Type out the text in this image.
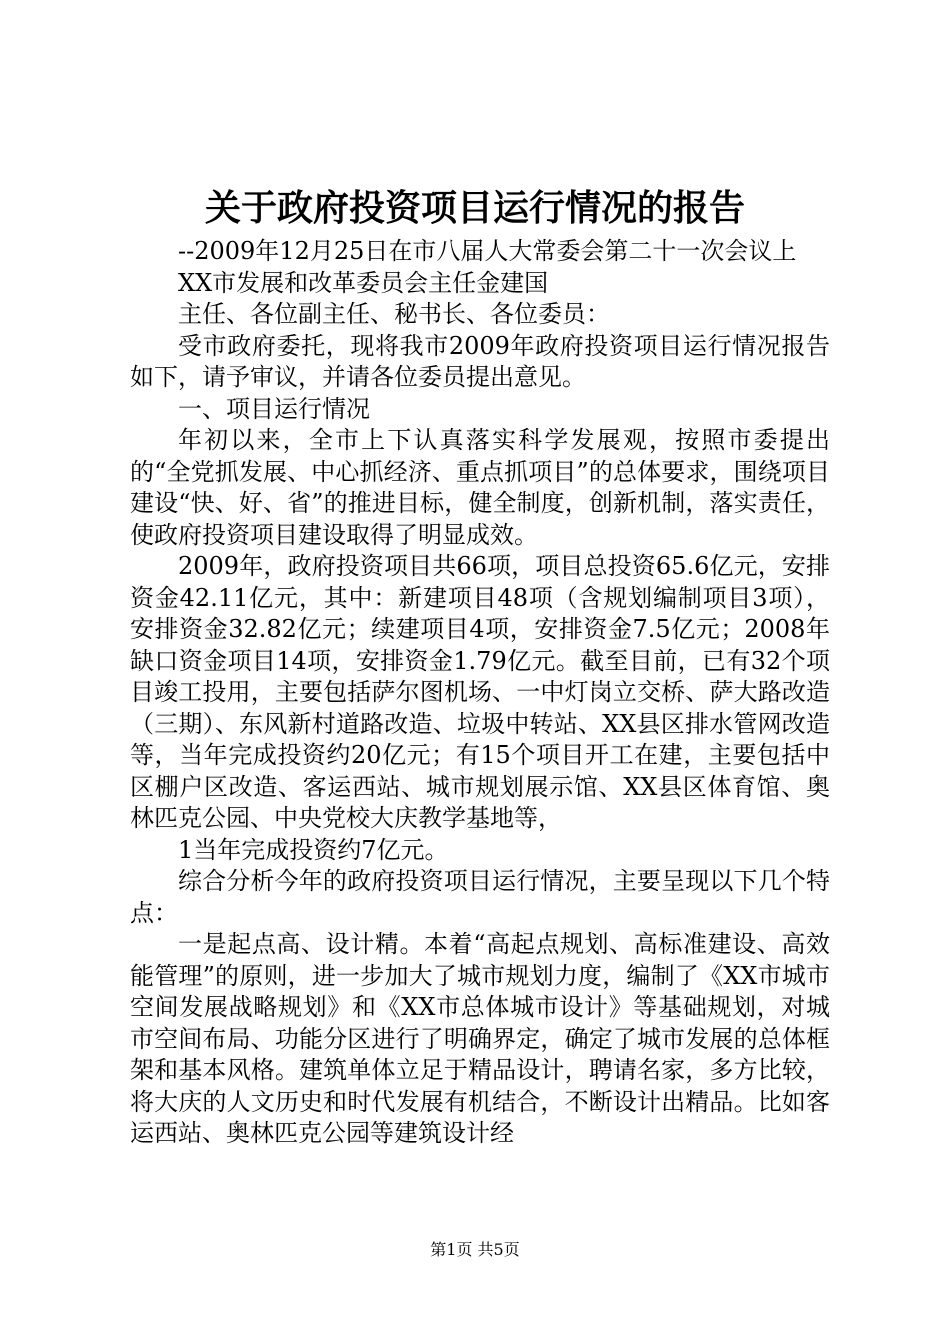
关于政府投资项目运行情况的报告

--2009年12月25日在市八届人大常委会第二十一次会议上

XX市发展和改革委员会主任金建国

主任、各位副主任、秘书长、各位委员：

受市政府委托，现将我市2009年政府投资项目运行情况报告如下，请予审议，并请各位委员提出意见。

一、项目运行情况

年初以来，全市上下认真落实科学发展观，按照市委提出的“全党抓发展、中心抓经济、重点抓项目”的总体要求，围绕项目建设“快、好、省”的推进目标，健全制度，创新机制，落实责任，使政府投资项目建设取得了明显成效。

2009年，政府投资项目共66项，项目总投资65.6亿元，安排资金42.11亿元，其中：新建项目48项（含规划编制项目3项），安排资金32.82亿元；续建项目4项，安排资金7.5亿元；2008年缺口资金项目14项，安排资金1.79亿元。截至目前，已有32个项目竣工投用，主要包括萨尔图机场、一中灯岗立交桥、萨大路改造（三期）、东风新村道路改造、垃圾中转站、XX县区排水管网改造等，当年完成投资约20亿元；有15个项目开工在建，主要包括中区棚户区改造、客运西站、城市规划展示馆、XX县区体育馆、奥林匹克公园、中央党校大庆教学基地等，

1当年完成投资约7亿元。

综合分析今年的政府投资项目运行情况，主要呈现以下几个特点：

一是起点高、设计精。本着“高起点规划、高标准建设、高效能管理”的原则，进一步加大了城市规划力度，编制了《XX市城市空间发展战略规划》和《XX市总体城市设计》等基础规划，对城市空间布局、功能分区进行了明确界定，确定了城市发展的总体框架和基本风格。建筑单体立足于精品设计，聘请名家，多方比较，将大庆的人文历史和时代发展有机结合，不断设计出精品。比如客运西站、奥林匹克公园等建筑设计经

第1页 共5页
